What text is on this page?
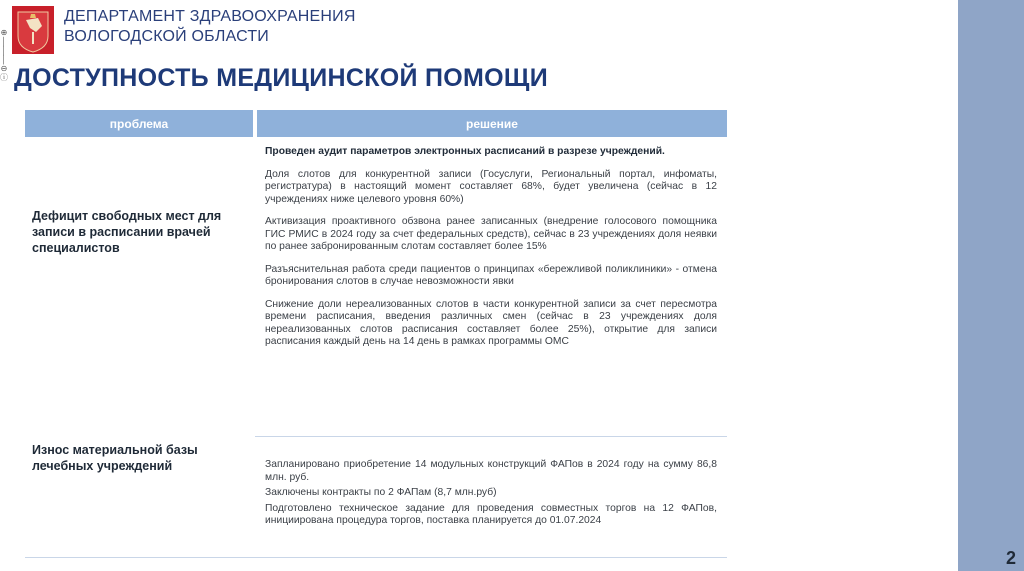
2
⊕
│
│
│
⊖
ⓘ
ДЕПАРТАМЕНТ ЗДРАВООХРАНЕНИЯ
ВОЛОГОДСКОЙ ОБЛАСТИ
ДОСТУПНОСТЬ МЕДИЦИНСКОЙ ПОМОЩИ
проблема	решение
Дефицит свободных мест для записи в расписании врачей специалистов

Проведен аудит параметров электронных расписаний в разрезе учреждений.

Доля слотов для конкурентной записи (Госуслуги, Региональный портал, инфоматы, регистратура) в настоящий момент составляет 68%, будет увеличена (сейчас в 12 учреждениях ниже целевого уровня 60%)

Активизация проактивного обзвона ранее записанных (внедрение голосового помощника ГИС РМИС в 2024 году за счет федеральных средств), сейчас в 23 учреждениях доля неявки по ранее забронированным слотам составляет более 15%

Разъяснительная работа среди пациентов о принципах «бережливой поликлиники» - отмена бронирования слотов в случае невозможности явки

Снижение доли нереализованных слотов в части конкурентной записи за счет пересмотра времени расписания, введения различных смен (сейчас в 23 учреждениях доля нереализованных слотов расписания составляет более 25%), открытие для записи расписания каждый день на 14 день в рамках программы ОМС

Износ материальной базы лечебных учреждений	Запланировано приобретение 14 модульных конструкций ФАПов в 2024 году на сумму 86,8 млн. руб.

Заключены контракты по 2 ФАПам (8,7 млн.руб)

Подготовлено техническое задание для проведения совместных торгов на 12 ФАПов, инициирована процедура торгов, поставка планируется до 01.07.2024
